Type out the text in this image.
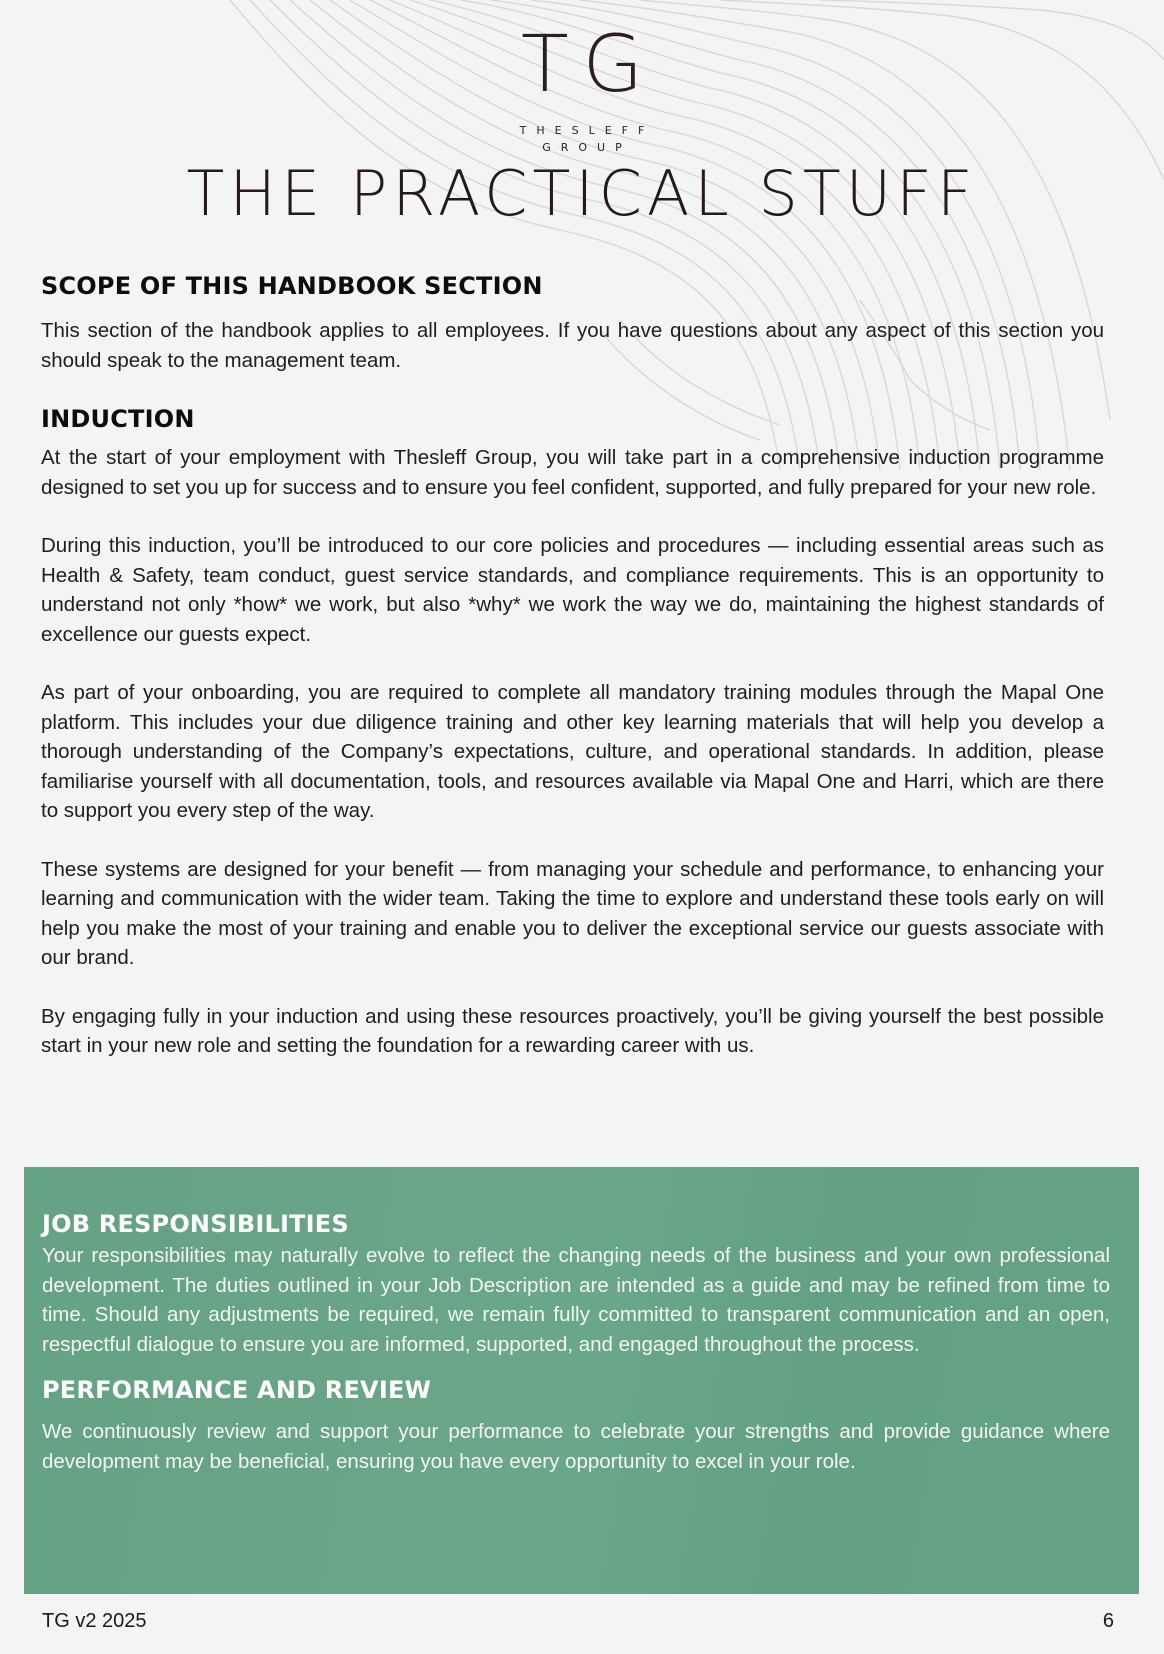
TG
THESLEFF
GROUP
THE PRACTICAL STUFF
SCOPE OF THIS HANDBOOK SECTION

This section of the handbook applies to all employees. If you have questions about any aspect of this section you should speak to the management team.

INDUCTION

At the start of your employment with Thesleff Group, you will take part in a comprehensive induction programme designed to set you up for success and to ensure you feel confident, supported, and fully prepared for your new role.

During this induction, you’ll be introduced to our core policies and procedures — including essential areas such as Health & Safety, team conduct, guest service standards, and compliance requirements. This is an opportunity to understand not only *how* we work, but also *why* we work the way we do, maintaining the highest standards of excellence our guests expect.

As part of your onboarding, you are required to complete all mandatory training modules through the Mapal One platform. This includes your due diligence training and other key learning materials that will help you develop a thorough understanding of the Company’s expectations, culture, and operational standards. In addition, please familiarise yourself with all documentation, tools, and resources available via Mapal One and Harri, which are there to support you every step of the way.

These systems are designed for your benefit — from managing your schedule and performance, to enhancing your learning and communication with the wider team. Taking the time to explore and understand these tools early on will help you make the most of your training and enable you to deliver the exceptional service our guests associate with our brand.

By engaging fully in your induction and using these resources proactively, you’ll be giving yourself the best possible start in your new role and setting the foundation for a rewarding career with us.

JOB RESPONSIBILITIES

Your responsibilities may naturally evolve to reflect the changing needs of the business and your own professional development. The duties outlined in your Job Description are intended as a guide and may be refined from time to time. Should any adjustments be required, we remain fully committed to transparent communication and an open, respectful dialogue to ensure you are informed, supported, and engaged throughout the process.

PERFORMANCE AND REVIEW

We continuously review and support your performance to celebrate your strengths and provide guidance where development may be beneficial, ensuring you have every opportunity to excel in your role.

TG v2 2025	6
